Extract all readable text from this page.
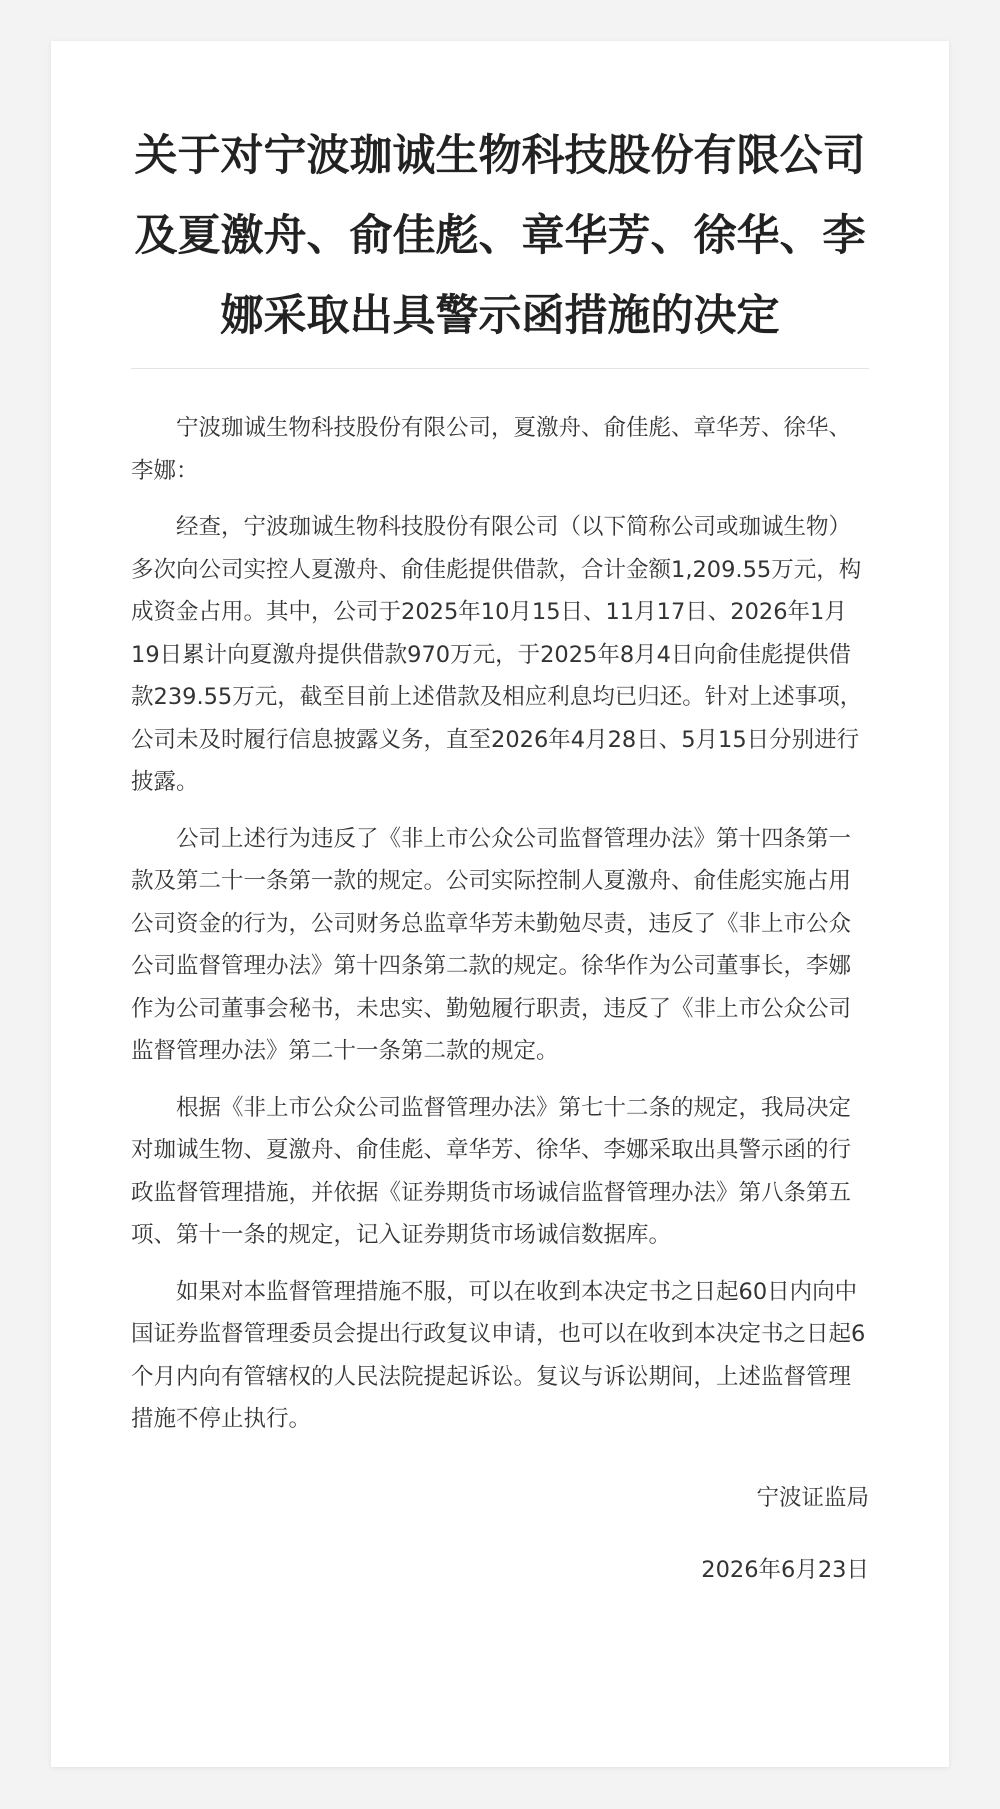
关于对宁波珈诚生物科技股份有限公司及夏激舟、俞佳彪、章华芳、徐华、李娜采取出具警示函措施的决定

宁波珈诚生物科技股份有限公司，夏激舟、俞佳彪、章华芳、徐华、李娜：

经查，宁波珈诚生物科技股份有限公司（以下简称公司或珈诚生物）多次向公司实控人夏激舟、俞佳彪提供借款，合计金额1,209.55万元，构成资金占用。其中，公司于2025年10月15日、11月17日、2026年1月19日累计向夏激舟提供借款970万元，于2025年8月4日向俞佳彪提供借款239.55万元，截至目前上述借款及相应利息均已归还。针对上述事项，公司未及时履行信息披露义务，直至2026年4月28日、5月15日分别进行披露。

公司上述行为违反了《非上市公众公司监督管理办法》第十四条第一款及第二十一条第一款的规定。公司实际控制人夏激舟、俞佳彪实施占用公司资金的行为，公司财务总监章华芳未勤勉尽责，违反了《非上市公众公司监督管理办法》第十四条第二款的规定。徐华作为公司董事长，李娜作为公司董事会秘书，未忠实、勤勉履行职责，违反了《非上市公众公司监督管理办法》第二十一条第二款的规定。

根据《非上市公众公司监督管理办法》第七十二条的规定，我局决定对珈诚生物、夏激舟、俞佳彪、章华芳、徐华、李娜采取出具警示函的行政监督管理措施，并依据《证券期货市场诚信监督管理办法》第八条第五项、第十一条的规定，记入证券期货市场诚信数据库。

如果对本监督管理措施不服，可以在收到本决定书之日起60日内向中国证券监督管理委员会提出行政复议申请，也可以在收到本决定书之日起6个月内向有管辖权的人民法院提起诉讼。复议与诉讼期间，上述监督管理措施不停止执行。

宁波证监局
2026年6月23日
